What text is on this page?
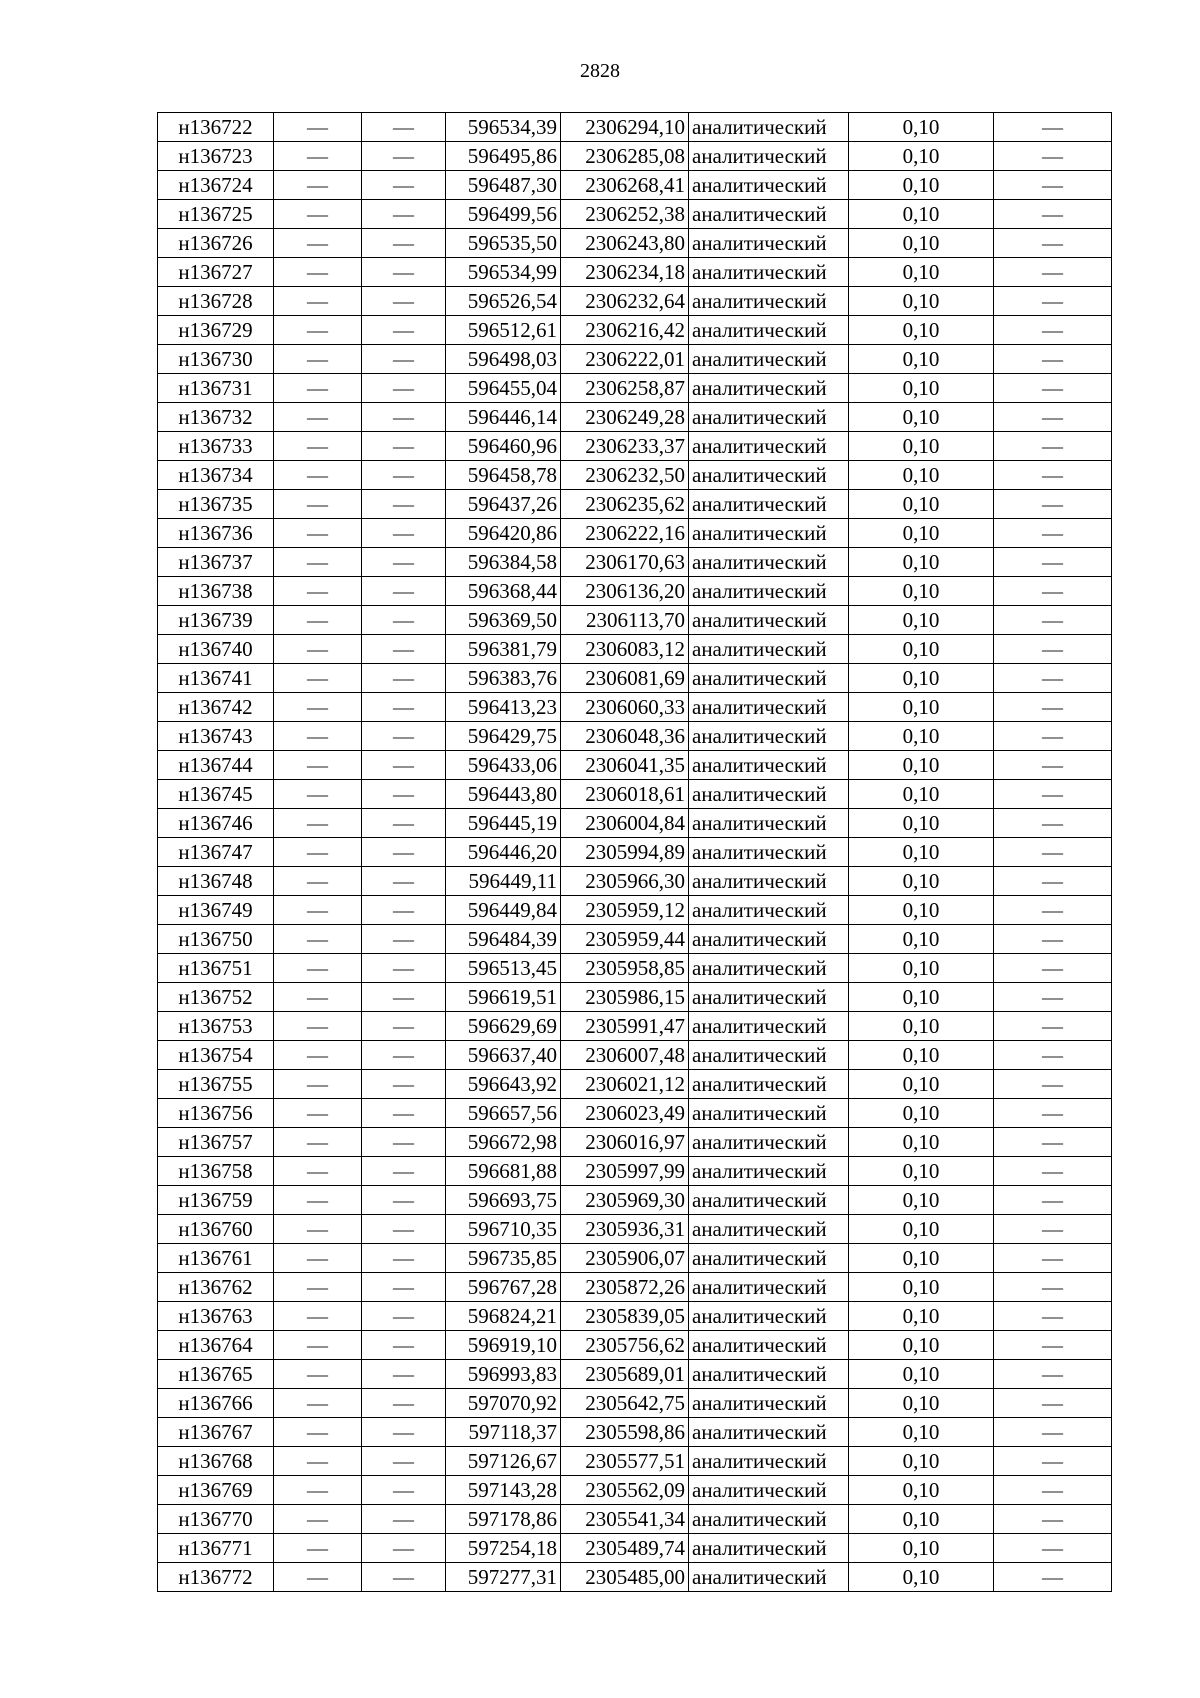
2828
н136722	—	—	596534,39	2306294,10	аналитический	0,10	—
н136723	—	—	596495,86	2306285,08	аналитический	0,10	—
н136724	—	—	596487,30	2306268,41	аналитический	0,10	—
н136725	—	—	596499,56	2306252,38	аналитический	0,10	—
н136726	—	—	596535,50	2306243,80	аналитический	0,10	—
н136727	—	—	596534,99	2306234,18	аналитический	0,10	—
н136728	—	—	596526,54	2306232,64	аналитический	0,10	—
н136729	—	—	596512,61	2306216,42	аналитический	0,10	—
н136730	—	—	596498,03	2306222,01	аналитический	0,10	—
н136731	—	—	596455,04	2306258,87	аналитический	0,10	—
н136732	—	—	596446,14	2306249,28	аналитический	0,10	—
н136733	—	—	596460,96	2306233,37	аналитический	0,10	—
н136734	—	—	596458,78	2306232,50	аналитический	0,10	—
н136735	—	—	596437,26	2306235,62	аналитический	0,10	—
н136736	—	—	596420,86	2306222,16	аналитический	0,10	—
н136737	—	—	596384,58	2306170,63	аналитический	0,10	—
н136738	—	—	596368,44	2306136,20	аналитический	0,10	—
н136739	—	—	596369,50	2306113,70	аналитический	0,10	—
н136740	—	—	596381,79	2306083,12	аналитический	0,10	—
н136741	—	—	596383,76	2306081,69	аналитический	0,10	—
н136742	—	—	596413,23	2306060,33	аналитический	0,10	—
н136743	—	—	596429,75	2306048,36	аналитический	0,10	—
н136744	—	—	596433,06	2306041,35	аналитический	0,10	—
н136745	—	—	596443,80	2306018,61	аналитический	0,10	—
н136746	—	—	596445,19	2306004,84	аналитический	0,10	—
н136747	—	—	596446,20	2305994,89	аналитический	0,10	—
н136748	—	—	596449,11	2305966,30	аналитический	0,10	—
н136749	—	—	596449,84	2305959,12	аналитический	0,10	—
н136750	—	—	596484,39	2305959,44	аналитический	0,10	—
н136751	—	—	596513,45	2305958,85	аналитический	0,10	—
н136752	—	—	596619,51	2305986,15	аналитический	0,10	—
н136753	—	—	596629,69	2305991,47	аналитический	0,10	—
н136754	—	—	596637,40	2306007,48	аналитический	0,10	—
н136755	—	—	596643,92	2306021,12	аналитический	0,10	—
н136756	—	—	596657,56	2306023,49	аналитический	0,10	—
н136757	—	—	596672,98	2306016,97	аналитический	0,10	—
н136758	—	—	596681,88	2305997,99	аналитический	0,10	—
н136759	—	—	596693,75	2305969,30	аналитический	0,10	—
н136760	—	—	596710,35	2305936,31	аналитический	0,10	—
н136761	—	—	596735,85	2305906,07	аналитический	0,10	—
н136762	—	—	596767,28	2305872,26	аналитический	0,10	—
н136763	—	—	596824,21	2305839,05	аналитический	0,10	—
н136764	—	—	596919,10	2305756,62	аналитический	0,10	—
н136765	—	—	596993,83	2305689,01	аналитический	0,10	—
н136766	—	—	597070,92	2305642,75	аналитический	0,10	—
н136767	—	—	597118,37	2305598,86	аналитический	0,10	—
н136768	—	—	597126,67	2305577,51	аналитический	0,10	—
н136769	—	—	597143,28	2305562,09	аналитический	0,10	—
н136770	—	—	597178,86	2305541,34	аналитический	0,10	—
н136771	—	—	597254,18	2305489,74	аналитический	0,10	—
н136772	—	—	597277,31	2305485,00	аналитический	0,10	—
